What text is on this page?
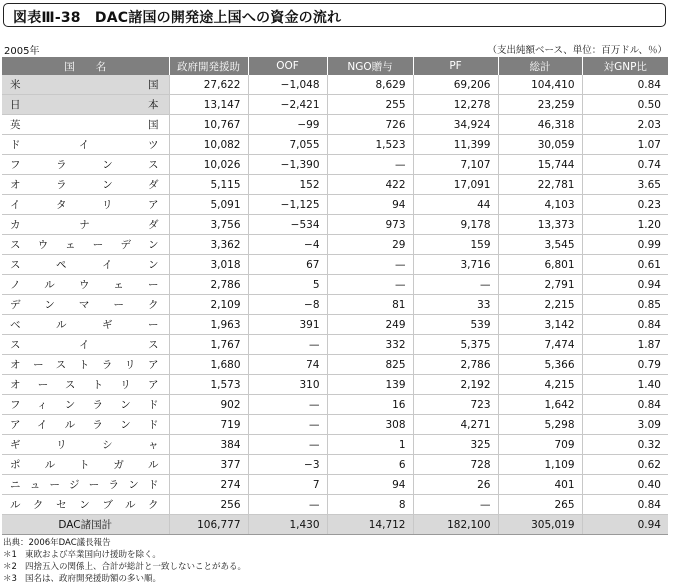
図表Ⅲ-38　DAC諸国の開発途上国への資金の流れ
2005年	（支出純額ベース、単位：百万ドル、％）
国　　名	政府開発援助	OOF	NGO贈与	PF	総計	対GNP比
米国	27,622	−1,048	8,629	69,206	104,410	0.84
日本	13,147	−2,421	255	12,278	23,259	0.50
英国	10,767	−99	726	34,924	46,318	2.03
ドイツ	10,082	7,055	1,523	11,399	30,059	1.07
フランス	10,026	−1,390	—	7,107	15,744	0.74
オランダ	5,115	152	422	17,091	22,781	3.65
イタリア	5,091	−1,125	94	44	4,103	0.23
カナダ	3,756	−534	973	9,178	13,373	1.20
スウェーデン	3,362	−4	29	159	3,545	0.99
スペイン	3,018	67	—	3,716	6,801	0.61
ノルウェー	2,786	5	—	—	2,791	0.94
デンマーク	2,109	−8	81	33	2,215	0.85
ベルギー	1,963	391	249	539	3,142	0.84
スイス	1,767	—	332	5,375	7,474	1.87
オーストラリア	1,680	74	825	2,786	5,366	0.79
オーストリア	1,573	310	139	2,192	4,215	1.40
フィンランド	902	—	16	723	1,642	0.84
アイルランド	719	—	308	4,271	5,298	3.09
ギリシャ	384	—	1	325	709	0.32
ポルトガル	377	−3	6	728	1,109	0.62
ニュージーランド	274	7	94	26	401	0.40
ルクセンブルク	256	—	8	—	265	0.84
DAC諸国計	106,777	1,430	14,712	182,100	305,019	0.94
出典：2006年DAC議長報告
＊1 東欧および卒業国向け援助を除く。
＊2 四捨五入の関係上、合計が総計と一致しないことがある。
＊3 国名は、政府開発援助額の多い順。
